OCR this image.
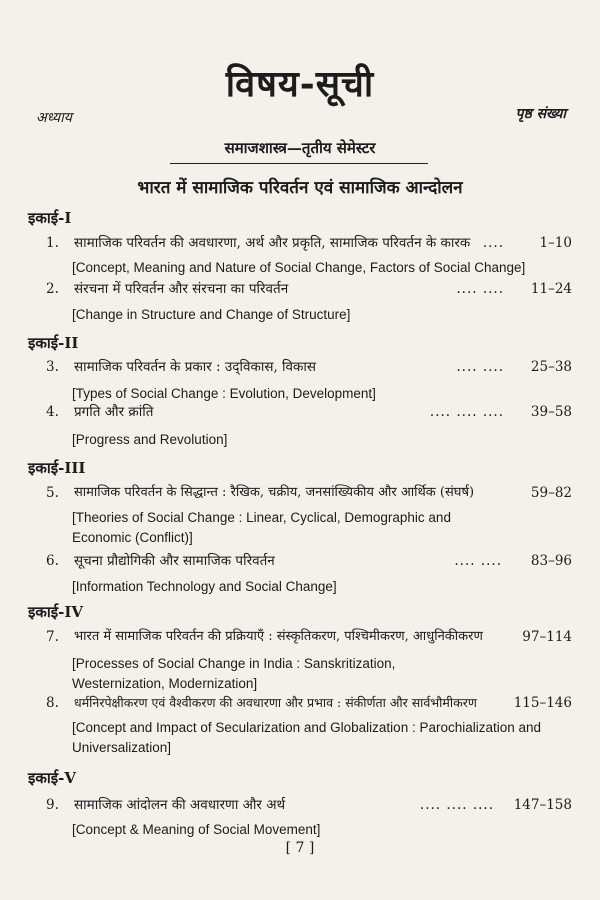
विषय-सूची
अध्याय	पृष्ठ संख्या
समाजशास्त्र—तृतीय सेमेस्टर
भारत में सामाजिक परिवर्तन एवं सामाजिक आन्दोलन
इकाई-I
1.	सामाजिक परिवर्तन की अवधारणा, अर्थ और प्रकृति, सामाजिक परिवर्तन के कारक ....	1–10
[Concept, Meaning and Nature of Social Change, Factors of Social Change]
2.	संरचना में परिवर्तन और संरचना का परिवर्तन	.... .... 11–24
[Change in Structure and Change of Structure]
इकाई-II
3.	सामाजिक परिवर्तन के प्रकार : उद्‌विकास, विकास	.... .... 25–38
[Types of Social Change : Evolution, Development]
4.	प्रगति और क्रांति	.... .... .... 39–58
[Progress and Revolution]
इकाई-III
5.	सामाजिक परिवर्तन के सिद्धान्त : रैखिक, चक्रीय, जनसांख्यिकीय और आर्थिक (संघर्ष)	59–82
[Theories of Social Change : Linear, Cyclical, Demographic and Economic (Conflict)]
6.	सूचना प्रौद्योगिकी और सामाजिक परिवर्तन	.... .... 83–96
[Information Technology and Social Change]
इकाई-IV
7.	भारत में सामाजिक परिवर्तन की प्रक्रियाएँ : संस्कृतिकरण, पश्चिमीकरण, आधुनिकीकरण	97–114
[Processes of Social Change in India : Sanskritization, Westernization, Modernization]
8.	धर्मनिरपेक्षीकरण एवं वैश्वीकरण की अवधारणा और प्रभाव : संकीर्णता और सार्वभौमीकरण	115–146
[Concept and Impact of Secularization and Globalization : Parochialization and Universalization]
इकाई-V
9.	सामाजिक आंदोलन की अवधारणा और अर्थ	.... .... .... 147–158
[Concept & Meaning of Social Movement]
[ 7 ]
